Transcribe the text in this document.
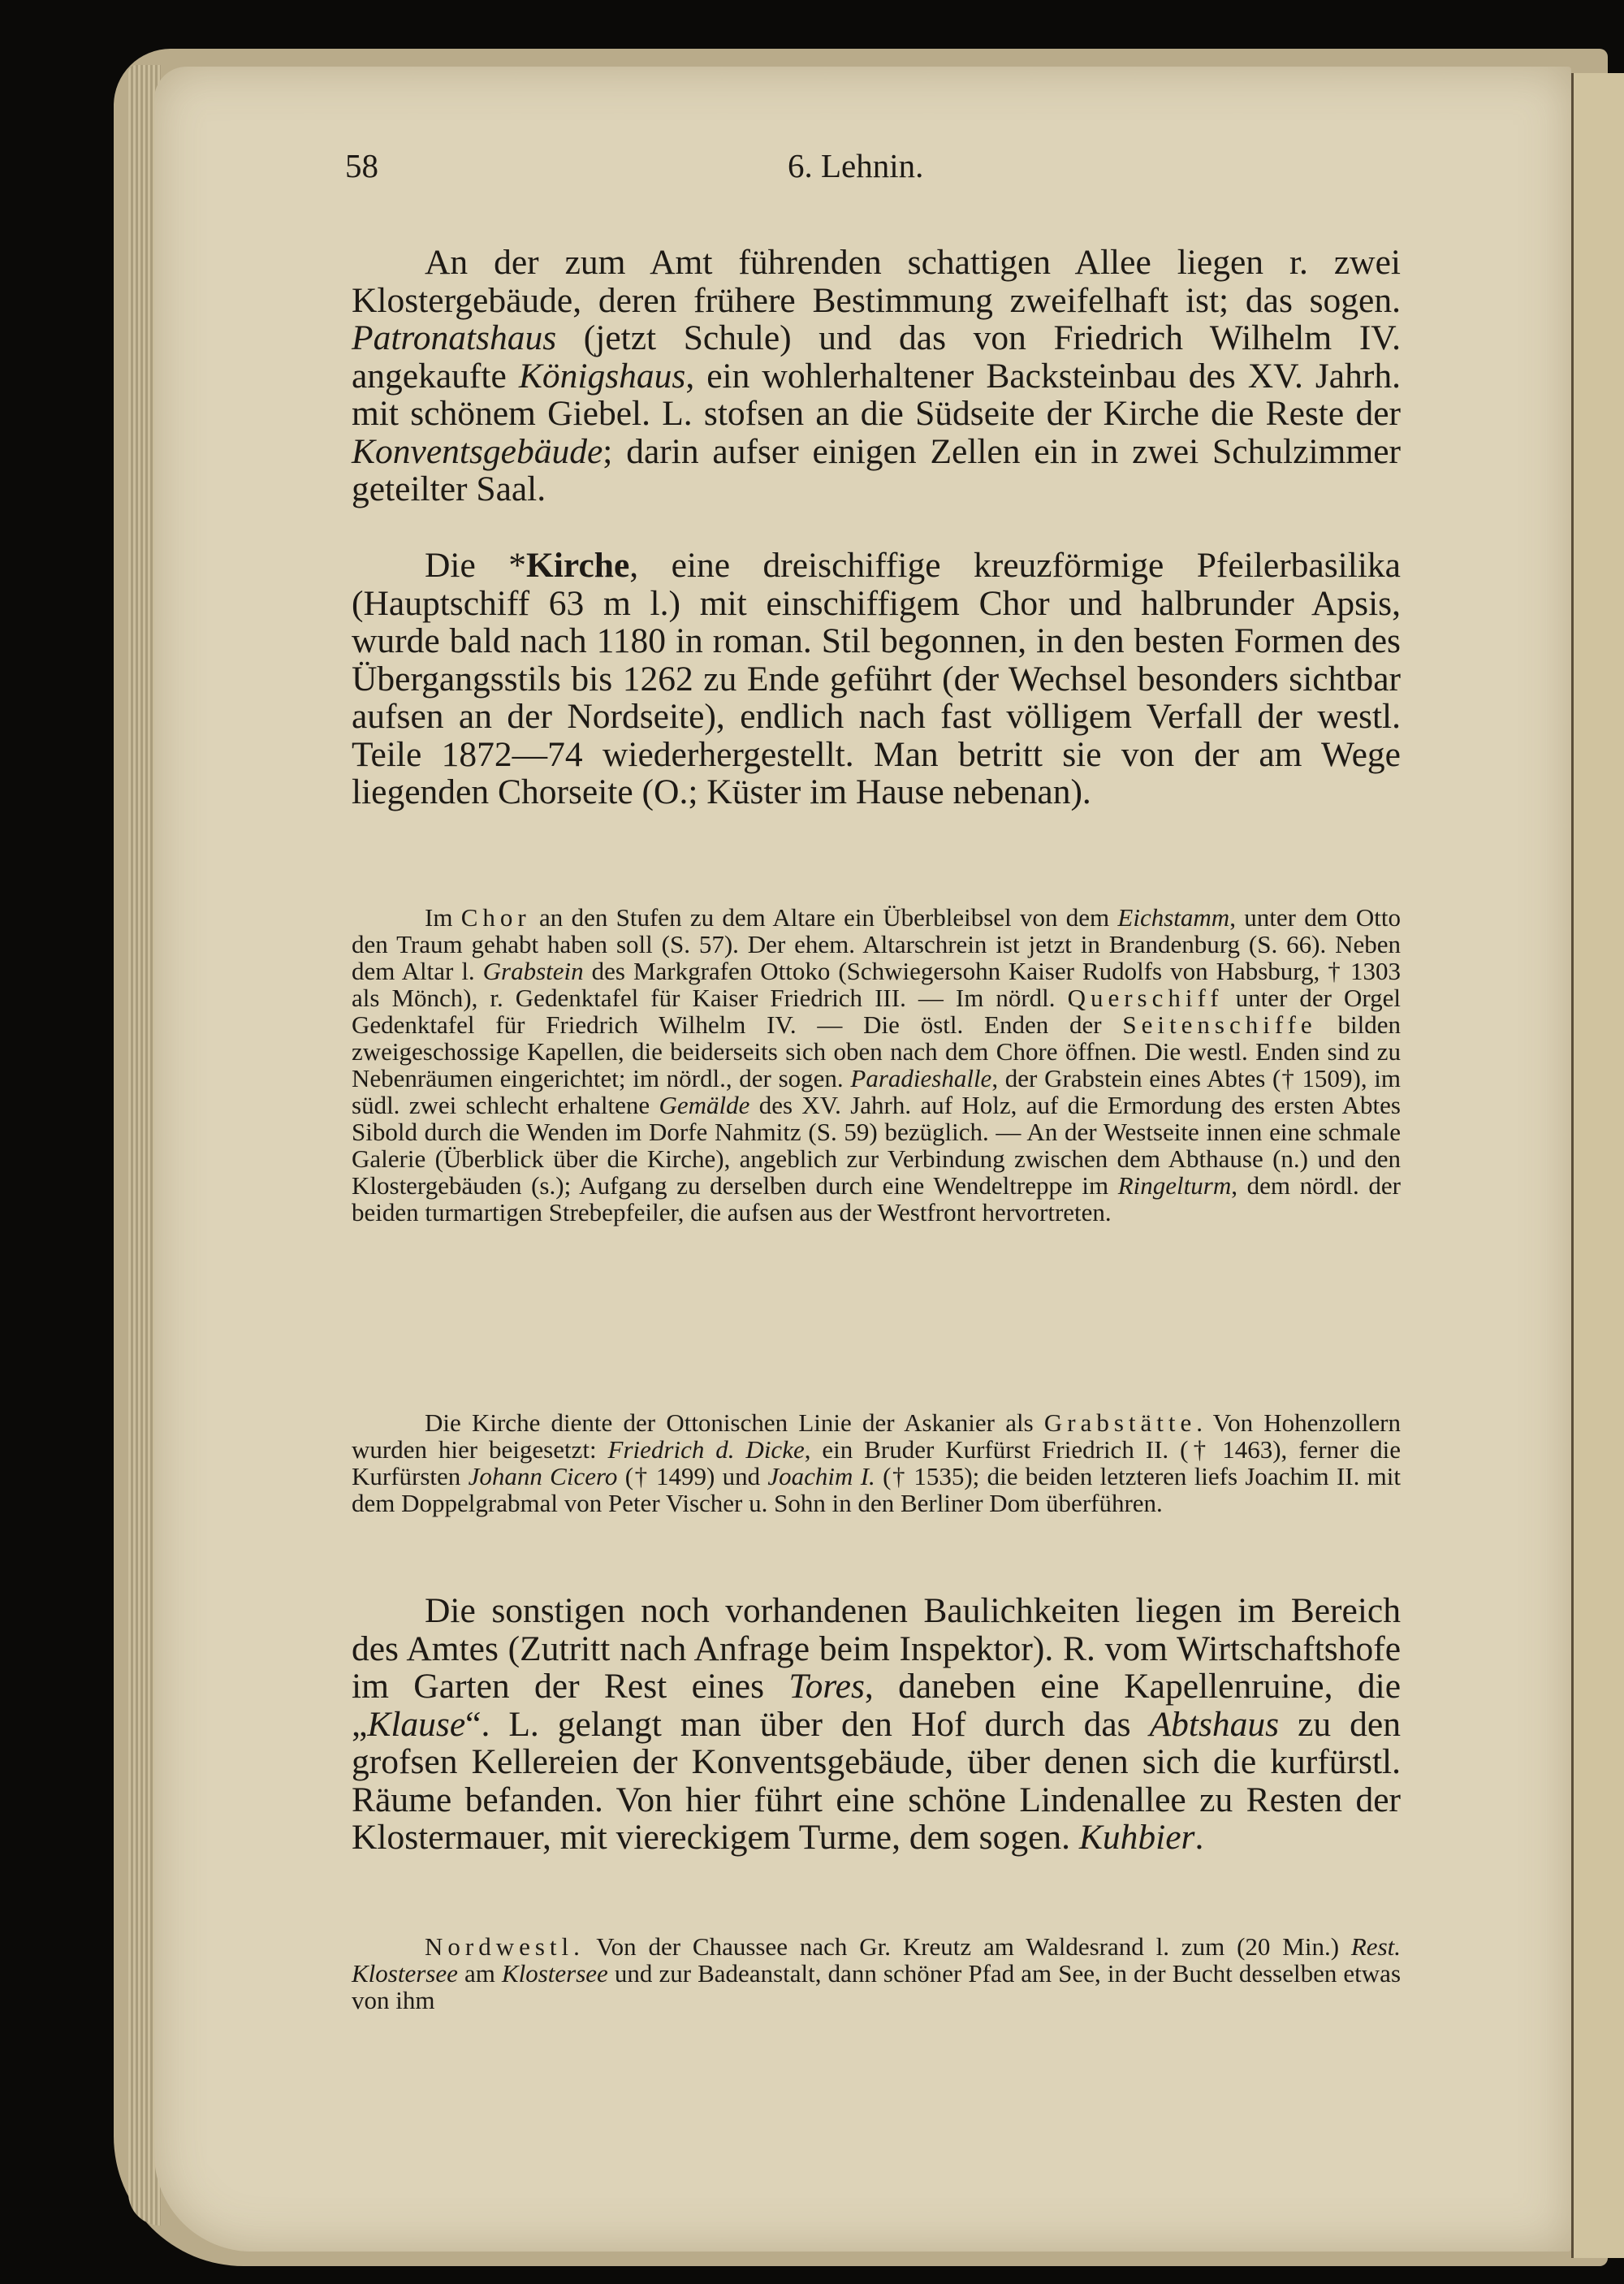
58	6. Lehnin.

An der zum Amt führenden schattigen Allee liegen r. zwei Klostergebäude, deren frühere Bestimmung zweifelhaft ist; das sogen. Patronatshaus (jetzt Schule) und das von Friedrich Wilhelm IV. angekaufte Königshaus, ein wohlerhaltener Backsteinbau des XV. Jahrh. mit schönem Giebel. L. stofsen an die Südseite der Kirche die Reste der Konventsgebäude; darin aufser einigen Zellen ein in zwei Schulzimmer geteilter Saal.

Die *Kirche, eine dreischiffige kreuzförmige Pfeilerbasilika (Hauptschiff 63 m l.) mit einschiffigem Chor und halbrunder Apsis, wurde bald nach 1180 in roman. Stil begonnen, in den besten Formen des Übergangsstils bis 1262 zu Ende geführt (der Wechsel besonders sichtbar aufsen an der Nordseite), endlich nach fast völligem Verfall der westl. Teile 1872—74 wiederhergestellt. Man betritt sie von der am Wege liegenden Chorseite (O.; Küster im Hause nebenan).

Im Chor an den Stufen zu dem Altare ein Überbleibsel von dem Eichstamm, unter dem Otto den Traum gehabt haben soll (S. 57). Der ehem. Altarschrein ist jetzt in Brandenburg (S. 66). Neben dem Altar l. Grabstein des Markgrafen Ottoko (Schwiegersohn Kaiser Rudolfs von Habsburg, † 1303 als Mönch), r. Gedenktafel für Kaiser Friedrich III. — Im nördl. Querschiff unter der Orgel Gedenktafel für Friedrich Wilhelm IV. — Die östl. Enden der Seitenschiffe bilden zweigeschossige Kapellen, die beiderseits sich oben nach dem Chore öffnen. Die westl. Enden sind zu Nebenräumen eingerichtet; im nördl., der sogen. Paradieshalle, der Grabstein eines Abtes († 1509), im südl. zwei schlecht erhaltene Gemälde des XV. Jahrh. auf Holz, auf die Ermordung des ersten Abtes Sibold durch die Wenden im Dorfe Nahmitz (S. 59) bezüglich. — An der Westseite innen eine schmale Galerie (Überblick über die Kirche), angeblich zur Verbindung zwischen dem Abthause (n.) und den Klostergebäuden (s.); Aufgang zu derselben durch eine Wendeltreppe im Ringelturm, dem nördl. der beiden turmartigen Strebepfeiler, die aufsen aus der Westfront hervortreten.

Die Kirche diente der Ottonischen Linie der Askanier als Grabstätte. Von Hohenzollern wurden hier beigesetzt: Friedrich d. Dicke, ein Bruder Kurfürst Friedrich II. († 1463), ferner die Kurfürsten Johann Cicero († 1499) und Joachim I. († 1535); die beiden letzteren liefs Joachim II. mit dem Doppelgrabmal von Peter Vischer u. Sohn in den Berliner Dom überführen.

Die sonstigen noch vorhandenen Baulichkeiten liegen im Bereich des Amtes (Zutritt nach Anfrage beim Inspektor). R. vom Wirtschaftshofe im Garten der Rest eines Tores, daneben eine Kapellenruine, die „Klause“. L. gelangt man über den Hof durch das Abtshaus zu den grofsen Kellereien der Konventsgebäude, über denen sich die kurfürstl. Räume befanden. Von hier führt eine schöne Lindenallee zu Resten der Klostermauer, mit viereckigem Turme, dem sogen. Kuhbier.

Nordwestl. Von der Chaussee nach Gr. Kreutz am Waldesrand l. zum (20 Min.) Rest. Klostersee am Klostersee und zur Badeanstalt, dann schöner Pfad am See, in der Bucht desselben etwas von ihm
